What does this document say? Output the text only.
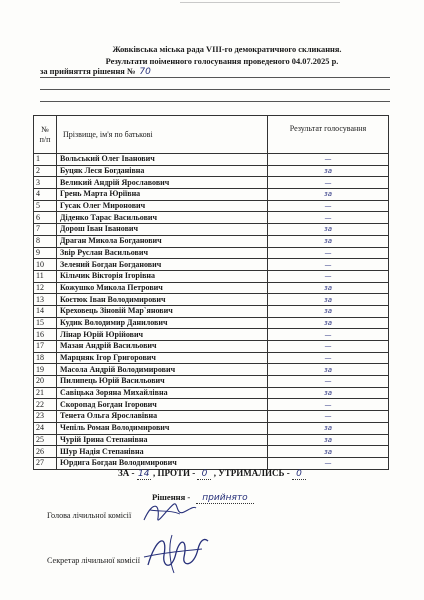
Жовківська міська рада VIII-го демократичного скликання.
Результати поіменного голосування проведеного 04.07.2025 р.
за прийняття рішення № 70
№
п/п	Прізвище, ім'я по батькові	Результат голосування
1	Вольський Олег Іванович	—
2	Буцяк Леся Богданівна	за
3	Великий Андрій Ярославович	—
4	Грень Марта Юріївна	за
5	Гусак Олег Миронович	—
6	Діденко Тарас Васильович	—
7	Дорош Іван Іванович	за
8	Драган Микола Богданович	за
9	Звір Руслан Васильович	—
10	Зелений Богдан Богданович	—
11	Кільчик Вікторія Ігорівна	—
12	Кожушко Микола Петрович	за
13	Коєтюк Іван Володимирович	за
14	Креховець Зіновій Мар`янович	за
15	Кудик Володимир Данилович	за
16	Лінар Юрій Юрійович	—
17	Мазан Андрій Васильович	—
18	Марцняк Ігор Григорович	—
19	Масола Андрій Володимирович	за
20	Пилипець Юрій Васильович	—
21	Савіцька Зоряна Михайлівна	за
22	Скоропад Богдан Ігорович	—
23	Тенета Ольга Ярославівна	—
24	Чепіль Роман Володимирович	за
25	Чурій Ірина Степанівна	за
26	Шур Надія Степанівна	за
27	Юрдига Богдан Володимирович	—
ЗА - 14 , ПРОТИ - 0 , УТРИМАЛИСЬ - 0
Рішення - прийнято
Голова лічильної комісії
Секретар лічильної комісії
